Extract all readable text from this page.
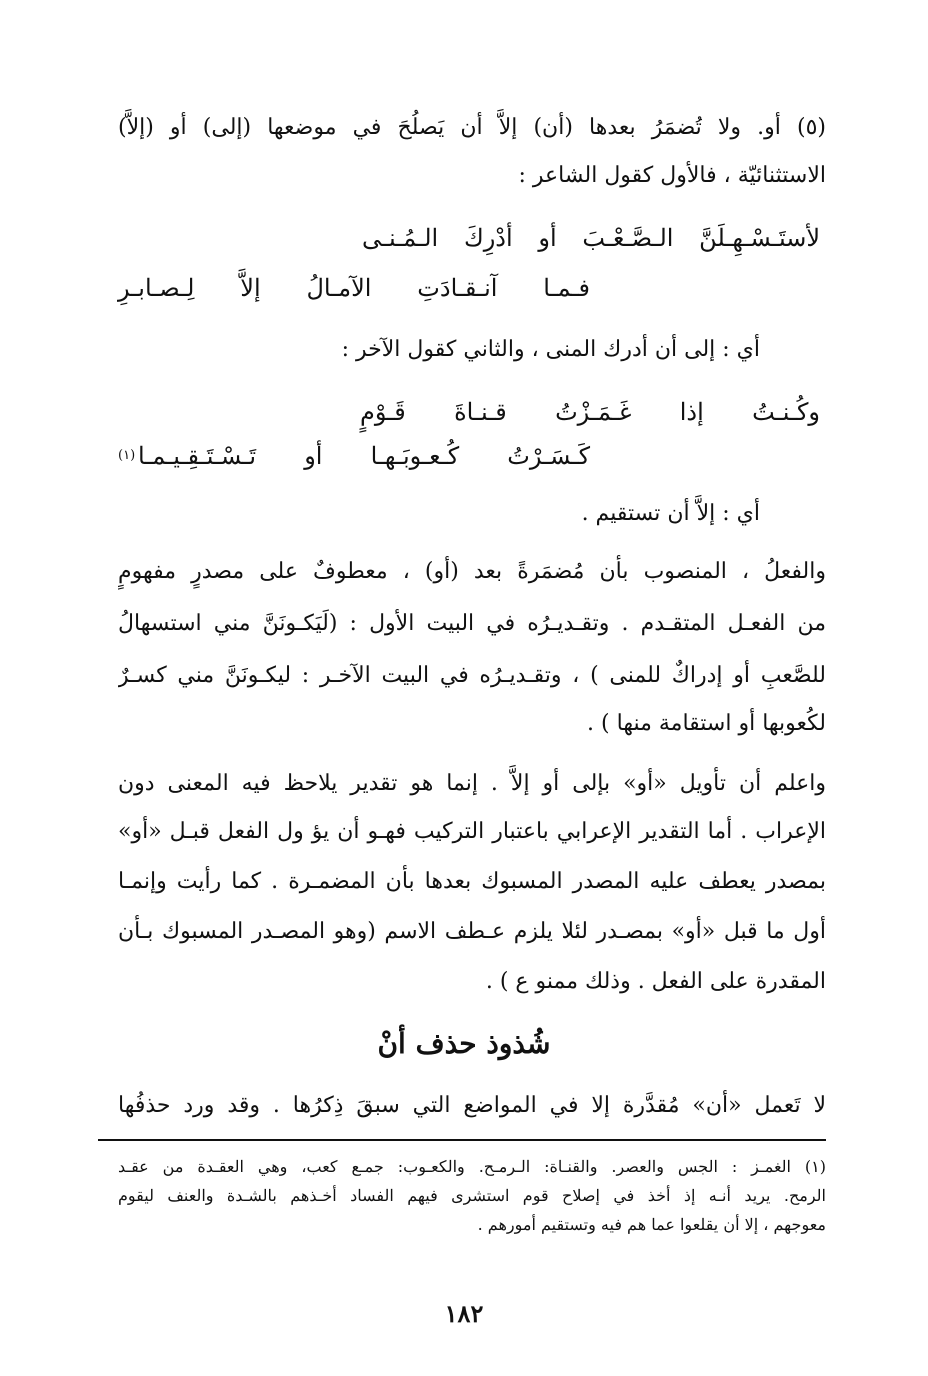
(٥) أو. ولا تُضمَرُ بعدها (أن) إلاَّ أن يَصلُحَ في موضعها (إلى) أو (إلاَّ)
الاستثنائيّة ، فالأول كقول الشاعر :
لأستَـسْـهِـلَنَّ الـصَّـعْـبَ أو أدْرِكَ الـمُـنـى
فـمـا آنـقـادَتِ الآمـالُ إلاَّ لِـصـابـرِ
أي : إلى أن أدرك المنى ، والثاني كقول الآخر :
وكُـنـتُ إذا غَـمَـزْتُ قـنـاةَ قَـوْمٍ
كَـسَـرْتُ كُـعـوبَـهـا أو تَـسْـتَـقِـيـمـا
(١)
أي : إلاَّ أن تستقيم .
والفعلُ ، المنصوب بأن مُضمَرةً بعد (أو) ، معطوفٌ على مصدرٍ مفهومٍ
من الفعـل المتقـدم . وتقـديـرُه في البيت الأول : (لَيَكـونَنَّ مني استسهالُ
للصَّعبِ أو إدراكٌ للمنى ) ، وتقـديـرُه في البيت الآخـر : ليكـونَنَّ مني كسـرٌ
لكُعوبها أو استقامة منها ) .
واعلم أن تأويل «أو» بإلى أو إلاَّ . إنما هو تقدير يلاحظ فيه المعنى دون
الإعراب . أما التقدير الإعرابي باعتبار التركيب فهـو أن يؤ ول الفعل قبـل «أو»
بمصدر يعطف عليه المصدر المسبوك بعدها بأن المضمـرة . كما رأيت وإنمـا
أول ما قبل «أو» بمصـدر لئلا يلزم عـطف الاسم (وهو المصـدر المسبوك بـأن
المقدرة على الفعل . وذلك ممنو ع ) .
شُذوذ حذف أنْ
لا تَعمل «أن» مُقدَّرة إلا في المواضع التي سبقَ ذِكرُها . وقد ورد حذفُها
(١) الغمـز : الجس والعصر. والقنـاة: الـرمـح. والكعـوب: جمـع كعب، وهي العقـدة من عقـد
الرمح. يريد أنـه إذ أخذ في إصلاح قوم استشرى فيهم الفساد أخـذهم بالشـدة والعنف ليقوم
معوجهم ، إلا أن يقلعوا عما هم فيه وتستقيم أمورهم .
١٨٢
